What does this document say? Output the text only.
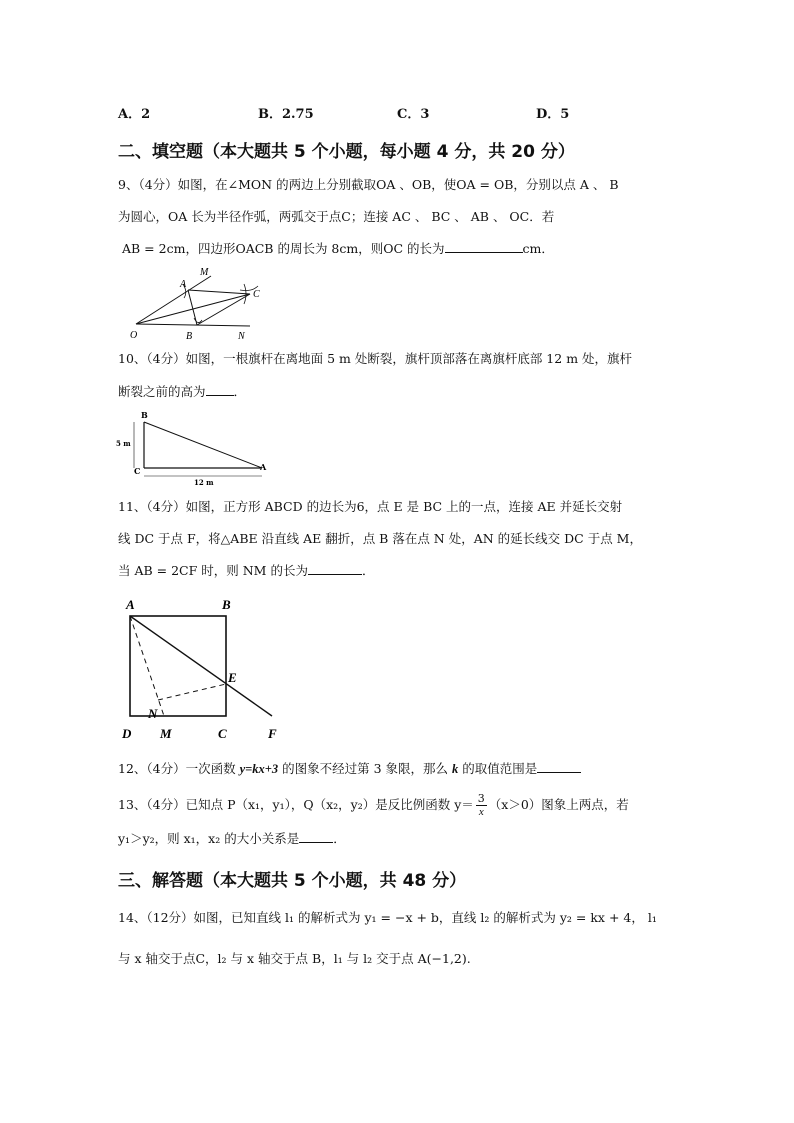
A．2	B．2.75	C．3	D．5
二、填空题（本大题共 5 个小题，每小题 4 分，共 20 分）
9、（4分）如图，在∠MON 的两边上分别截取OA 、OB，使OA = OB，分别以点 A 、 B
为圆心，OA 长为半径作弧，两弧交于点C；连接 AC 、 BC 、 AB 、 OC．若
AB = 2cm，四边形OACB 的周长为 8cm，则OC 的长为	cm．
M
A
C
O	B	N
10、（4分）如图，一根旗杆在离地面 5 m 处断裂，旗杆顶部落在离旗杆底部 12 m 处，旗杆
断裂之前的高为 ．
B
C	A
5 m
12 m
11、（4分）如图，正方形 ABCD 的边长为6，点 E 是 BC 上的一点，连接 AE 并延长交射
线 DC 于点 F，将△ABE 沿直线 AE 翻折，点 B 落在点 N 处，AN 的延长线交 DC 于点 M，
当 AB = 2CF 时，则 NM 的长为	．
A	B
E
N
D M	C	F
12、（4分）一次函数 y=kx+3 的图象不经过第 3 象限，那么 k 的取值范围是
13、（4分）已知点 P（x₁，y₁），Q（x₂，y₂）是反比例函数 $y= \frac{3}{x} (x>0)$图象上两点，若
y₁＞y₂，则 x₁，x₂ 的大小关系是	．
三、解答题（本大题共 5 个小题，共 48 分）
14、（12分）如图，已知直线 l₁ 的解析式为 y₁ = −x + b，直线 l₂ 的解析式为 y₂ = kx + 4， l₁
与 x 轴交于点C，l₂ 与 x 轴交于点 B，l₁ 与 l₂ 交于点 A(−1,2).
